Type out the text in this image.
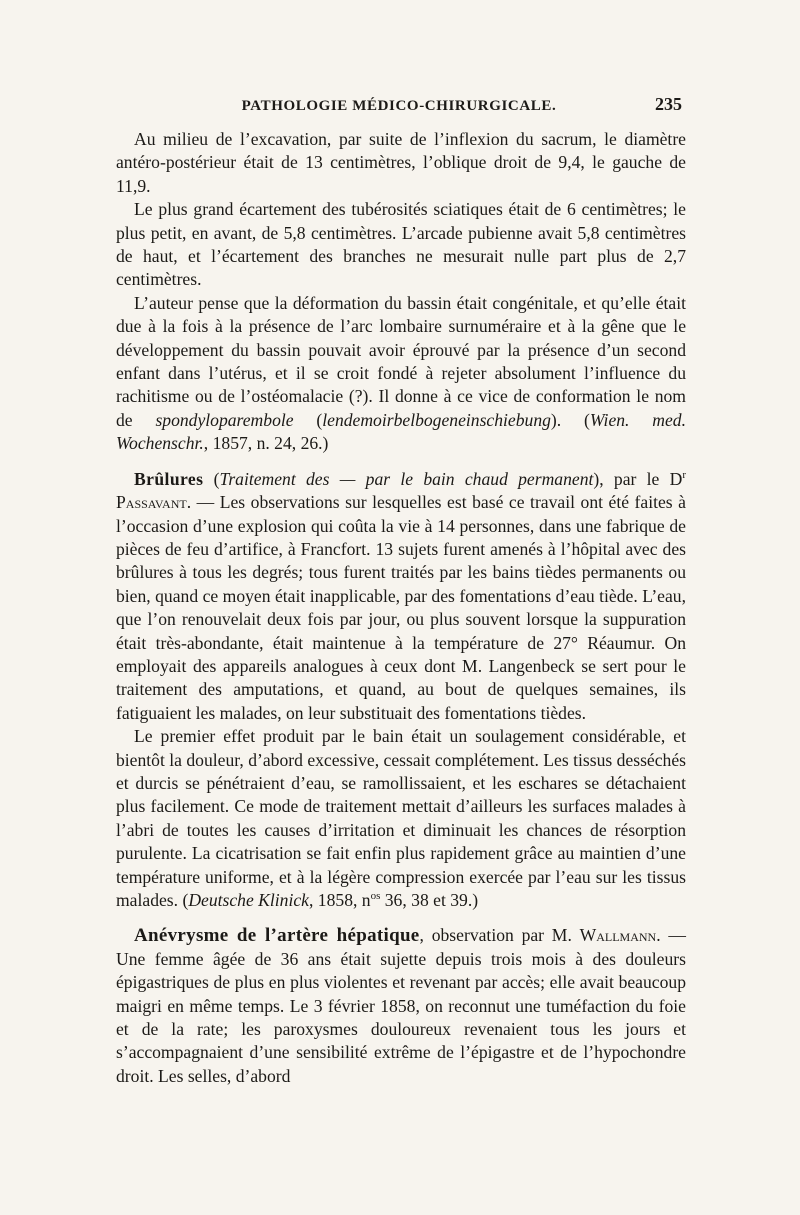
PATHOLOGIE MÉDICO-CHIRURGICALE.	235

Au milieu de l’excavation, par suite de l’inflexion du sacrum, le diamètre antéro-postérieur était de 13 centimètres, l’oblique droit de 9,4, le gauche de 11,9.

Le plus grand écartement des tubérosités sciatiques était de 6 centimètres; le plus petit, en avant, de 5,8 centimètres. L’arcade pubienne avait 5,8 centimètres de haut, et l’écartement des branches ne mesurait nulle part plus de 2,7 centimètres.

L’auteur pense que la déformation du bassin était congénitale, et qu’elle était due à la fois à la présence de l’arc lombaire surnuméraire et à la gêne que le développement du bassin pouvait avoir éprouvé par la présence d’un second enfant dans l’utérus, et il se croit fondé à rejeter absolument l’influence du rachitisme ou de l’ostéomalacie (?). Il donne à ce vice de conformation le nom de spondyloparembole (lendemoirbelbogeneinschiebung). (Wien. med. Wochenschr., 1857, n. 24, 26.)

Brûlures (Traitement des — par le bain chaud permanent), par le $D^r$ Passavant. — Les observations sur lesquelles est basé ce travail ont été faites à l’occasion d’une explosion qui coûta la vie à 14 personnes, dans une fabrique de pièces de feu d’artifice, à Francfort. 13 sujets furent amenés à l’hôpital avec des brûlures à tous les degrés; tous furent traités par les bains tièdes permanents ou bien, quand ce moyen était inapplicable, par des fomentations d’eau tiède. L’eau, que l’on renouvelait deux fois par jour, ou plus souvent lorsque la suppuration était très-abondante, était maintenue à la température de 27° Réaumur. On employait des appareils analogues à ceux dont M. Langenbeck se sert pour le traitement des amputations, et quand, au bout de quelques semaines, ils fatiguaient les malades, on leur substituait des fomentations tièdes.

Le premier effet produit par le bain était un soulagement considérable, et bientôt la douleur, d’abord excessive, cessait complétement. Les tissus desséchés et durcis se pénétraient d’eau, se ramollissaient, et les eschares se détachaient plus facilement. Ce mode de traitement mettait d’ailleurs les surfaces malades à l’abri de toutes les causes d’irritation et diminuait les chances de résorption purulente. La cicatrisation se fait enfin plus rapidement grâce au maintien d’une température uniforme, et à la légère compression exercée par l’eau sur les tissus malades. (Deutsche Klinick, 1858, $n^{os}$ 36, 38 et 39.)

Anévrysme de l’artère hépatique, observation par M. Wallmann. — Une femme âgée de 36 ans était sujette depuis trois mois à des douleurs épigastriques de plus en plus violentes et revenant par accès; elle avait beaucoup maigri en même temps. Le 3 février 1858, on reconnut une tuméfaction du foie et de la rate; les paroxysmes douloureux revenaient tous les jours et s’accompagnaient d’une sensibilité extrême de l’épigastre et de l’hypochondre droit. Les selles, d’abord
